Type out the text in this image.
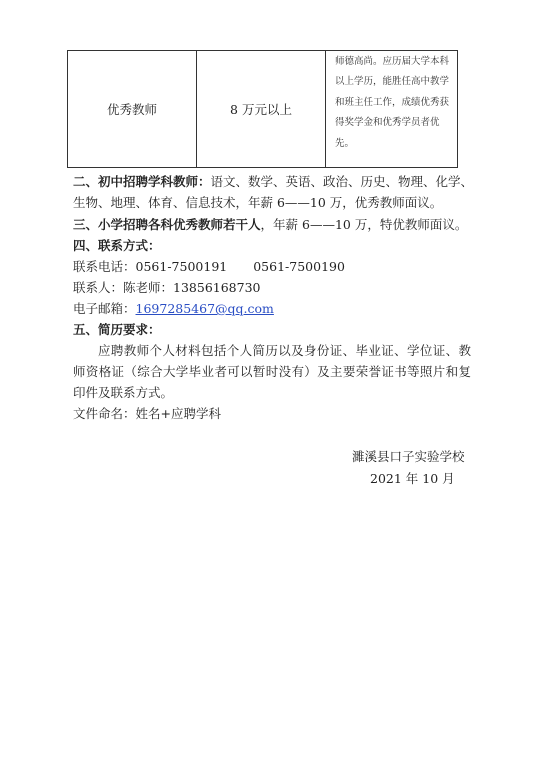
优秀教师	8 万元以上	师德高尚。应历届大学本科以上学历，能胜任高中教学和班主任工作，成绩优秀获得奖学金和优秀学员者优先。
二、初中招聘学科教师：语文、数学、英语、政治、历史、物理、化学、
生物、地理、体育、信息技术，年薪 6——10 万，优秀教师面议。
三、小学招聘各科优秀教师若干人，年薪 6——10 万，特优教师面议。
四、联系方式：
联系电话：0561-7500191 0561-7500190
联系人：陈老师：13856168730
电子邮箱：1697285467@qq.com
五、简历要求：
应聘教师个人材料包括个人简历以及身份证、毕业证、学位证、教师资格证（综合大学毕业者可以暂时没有）及主要荣誉证书等照片和复印件及联系方式。
文件命名：姓名+应聘学科
濉溪县口子实验学校
2021 年 10 月
